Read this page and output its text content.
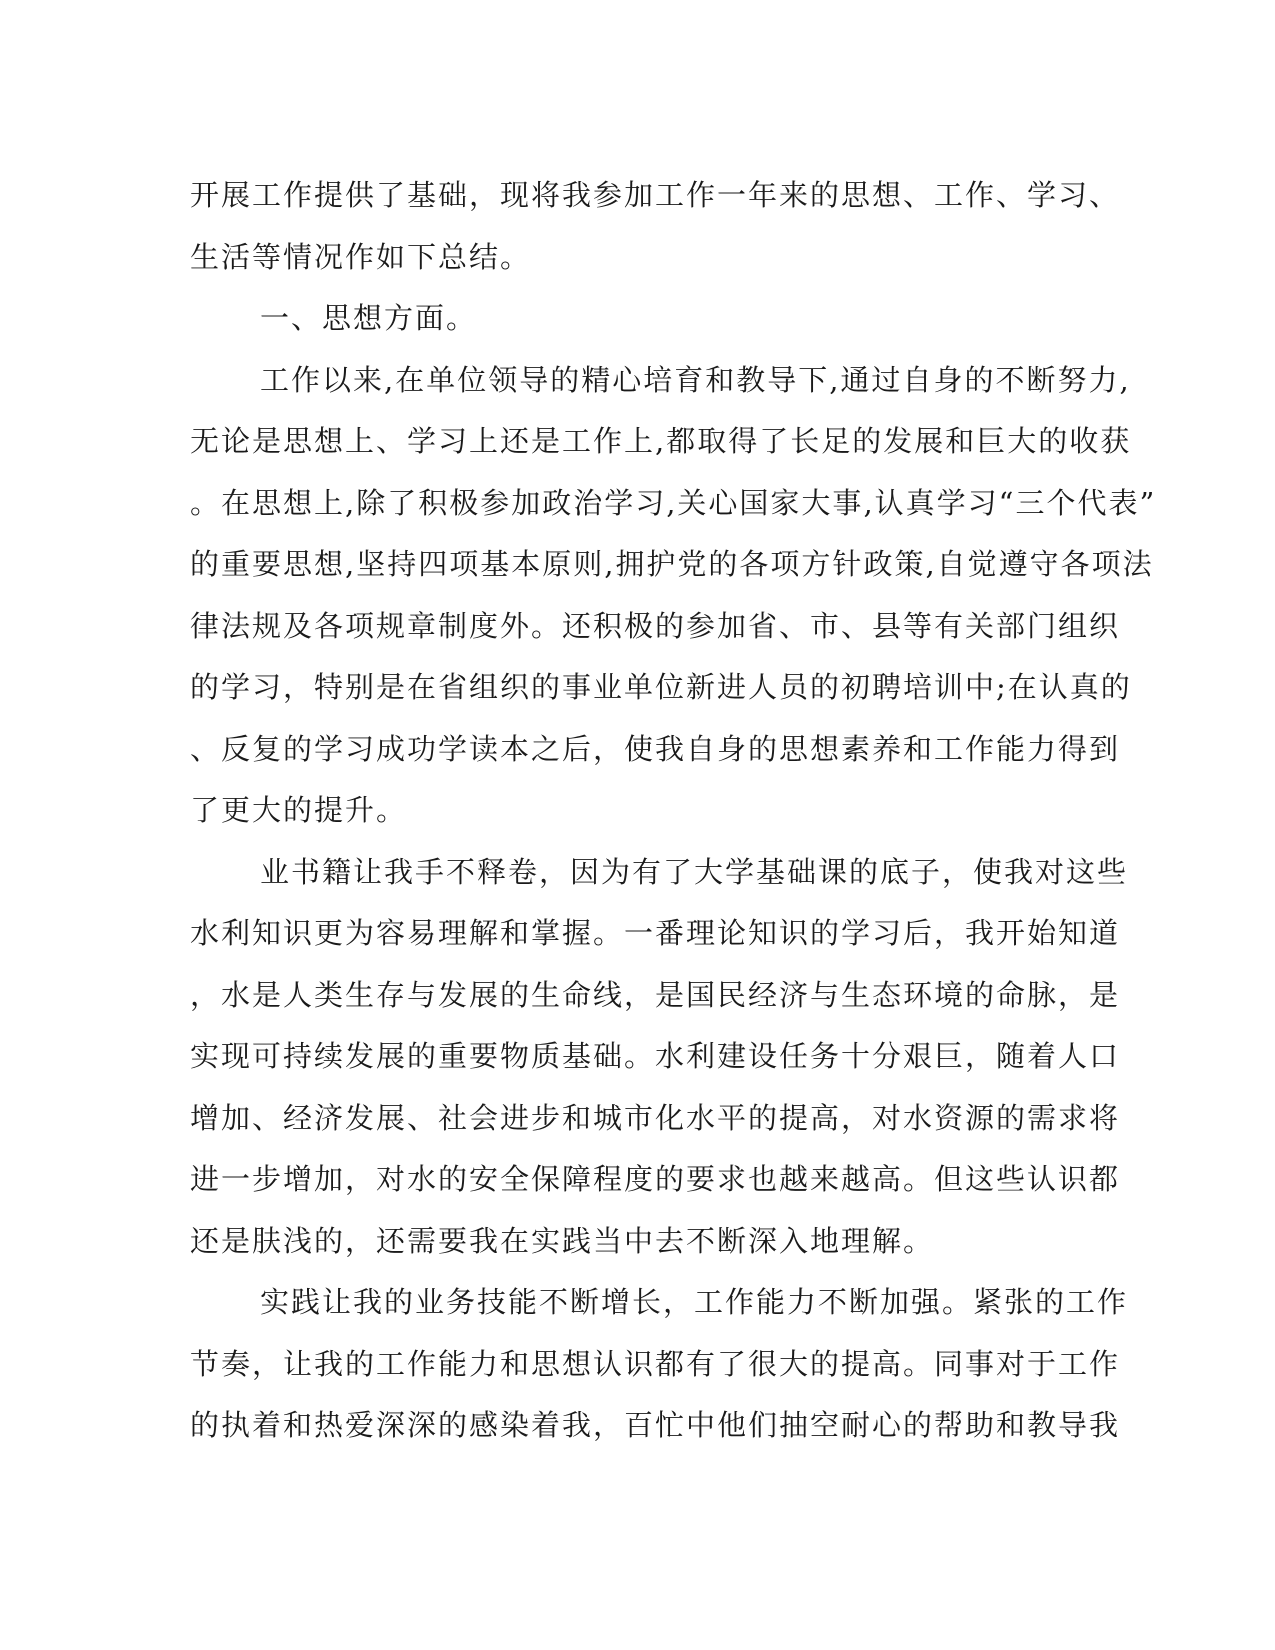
开展工作提供了基础，现将我参加工作一年来的思想、工作、学习、
生活等情况作如下总结。
一、思想方面。
工作以来,在单位领导的精心培育和教导下,通过自身的不断努力,
无论是思想上、学习上还是工作上,都取得了长足的发展和巨大的收获
。在思想上,除了积极参加政治学习,关心国家大事,认真学习“三个代表”
的重要思想,坚持四项基本原则,拥护党的各项方针政策,自觉遵守各项法
律法规及各项规章制度外。还积极的参加省、市、县等有关部门组织
的学习，特别是在省组织的事业单位新进人员的初聘培训中;在认真的
、反复的学习成功学读本之后，使我自身的思想素养和工作能力得到
了更大的提升。
业书籍让我手不释卷，因为有了大学基础课的底子，使我对这些
水利知识更为容易理解和掌握。一番理论知识的学习后，我开始知道
，水是人类生存与发展的生命线，是国民经济与生态环境的命脉，是
实现可持续发展的重要物质基础。水利建设任务十分艰巨，随着人口
增加、经济发展、社会进步和城市化水平的提高，对水资源的需求将
进一步增加，对水的安全保障程度的要求也越来越高。但这些认识都
还是肤浅的，还需要我在实践当中去不断深入地理解。
实践让我的业务技能不断增长，工作能力不断加强。紧张的工作
节奏，让我的工作能力和思想认识都有了很大的提高。同事对于工作
的执着和热爱深深的感染着我，百忙中他们抽空耐心的帮助和教导我
